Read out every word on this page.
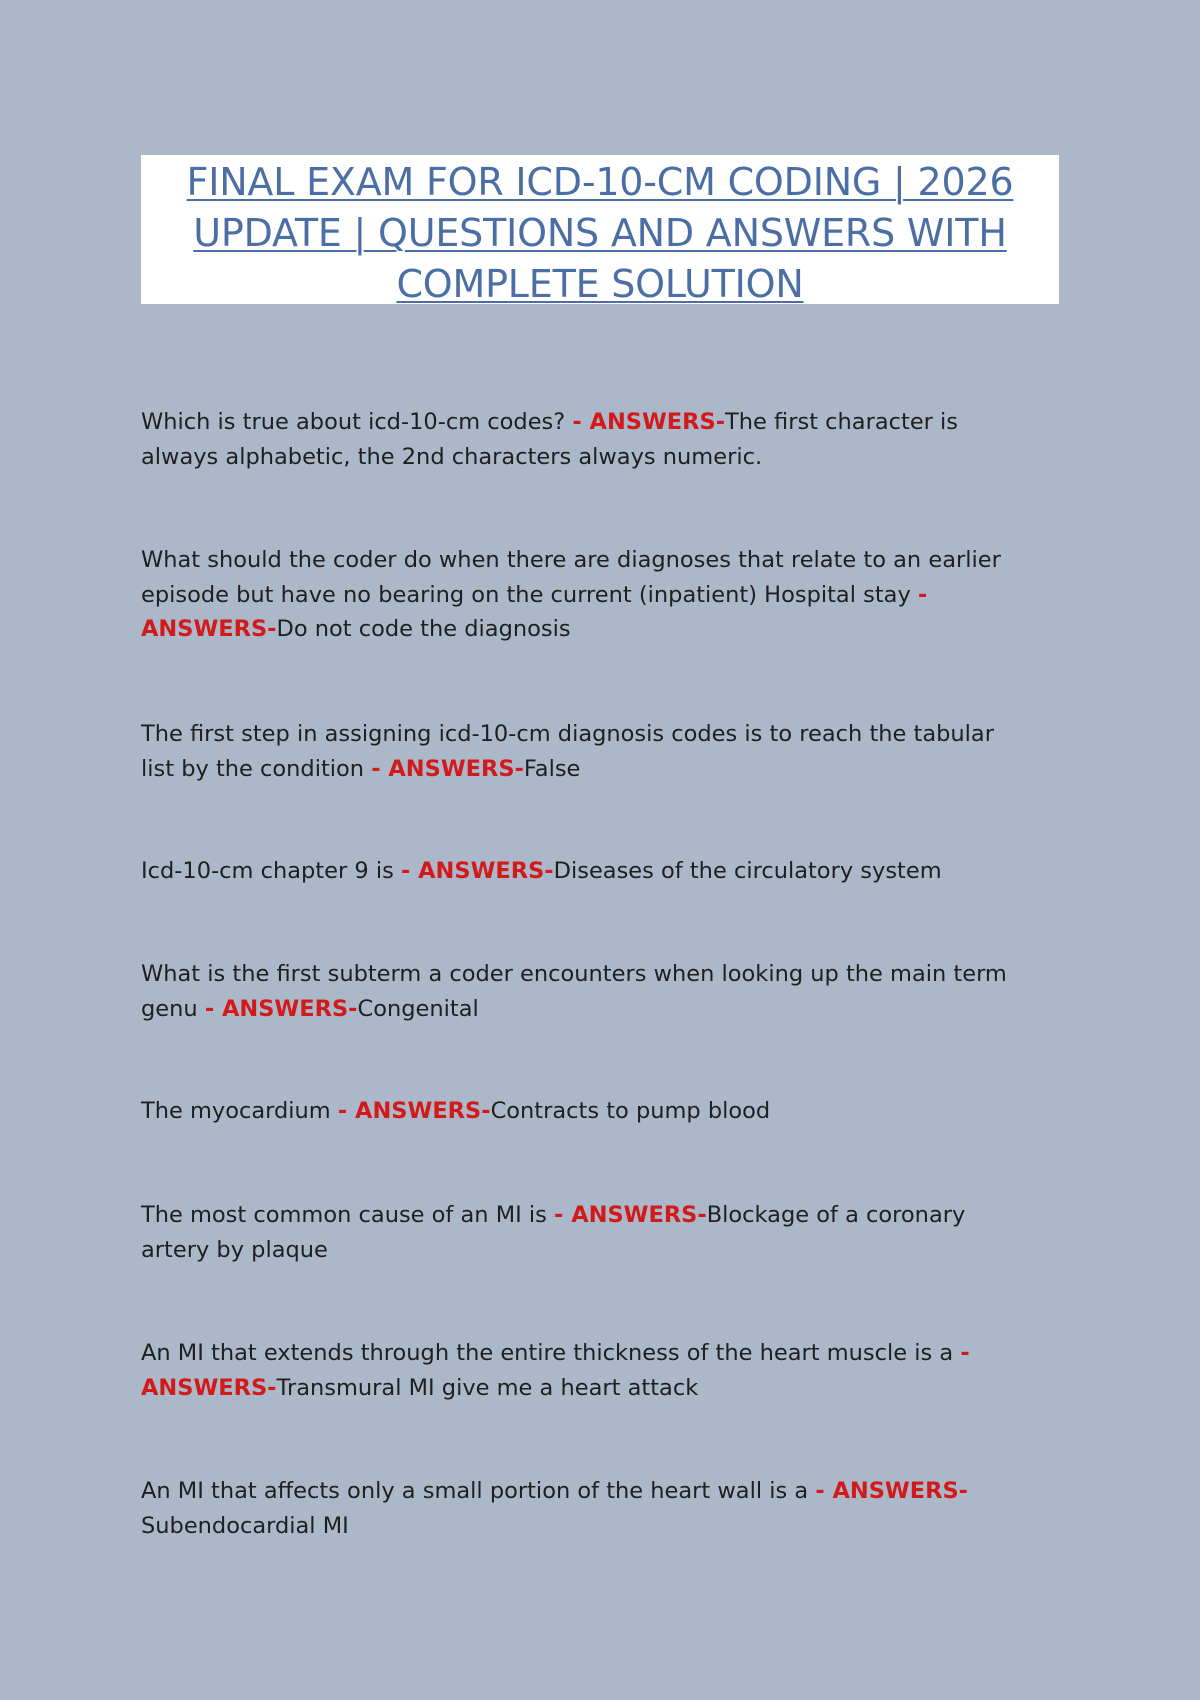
FINAL EXAM FOR ICD-10-CM CODING | 2026
UPDATE | QUESTIONS AND ANSWERS WITH
COMPLETE SOLUTION
Which is true about icd-10-cm codes? - ANSWERS-The first character is
always alphabetic, the 2nd characters always numeric.
What should the coder do when there are diagnoses that relate to an earlier
episode but have no bearing on the current (inpatient) Hospital stay -
ANSWERS-Do not code the diagnosis
The first step in assigning icd-10-cm diagnosis codes is to reach the tabular
list by the condition - ANSWERS-False
Icd-10-cm chapter 9 is - ANSWERS-Diseases of the circulatory system
What is the first subterm a coder encounters when looking up the main term
genu - ANSWERS-Congenital
The myocardium - ANSWERS-Contracts to pump blood
The most common cause of an MI is - ANSWERS-Blockage of a coronary
artery by plaque
An MI that extends through the entire thickness of the heart muscle is a -
ANSWERS-Transmural MI give me a heart attack
An MI that affects only a small portion of the heart wall is a - ANSWERS-
Subendocardial MI
